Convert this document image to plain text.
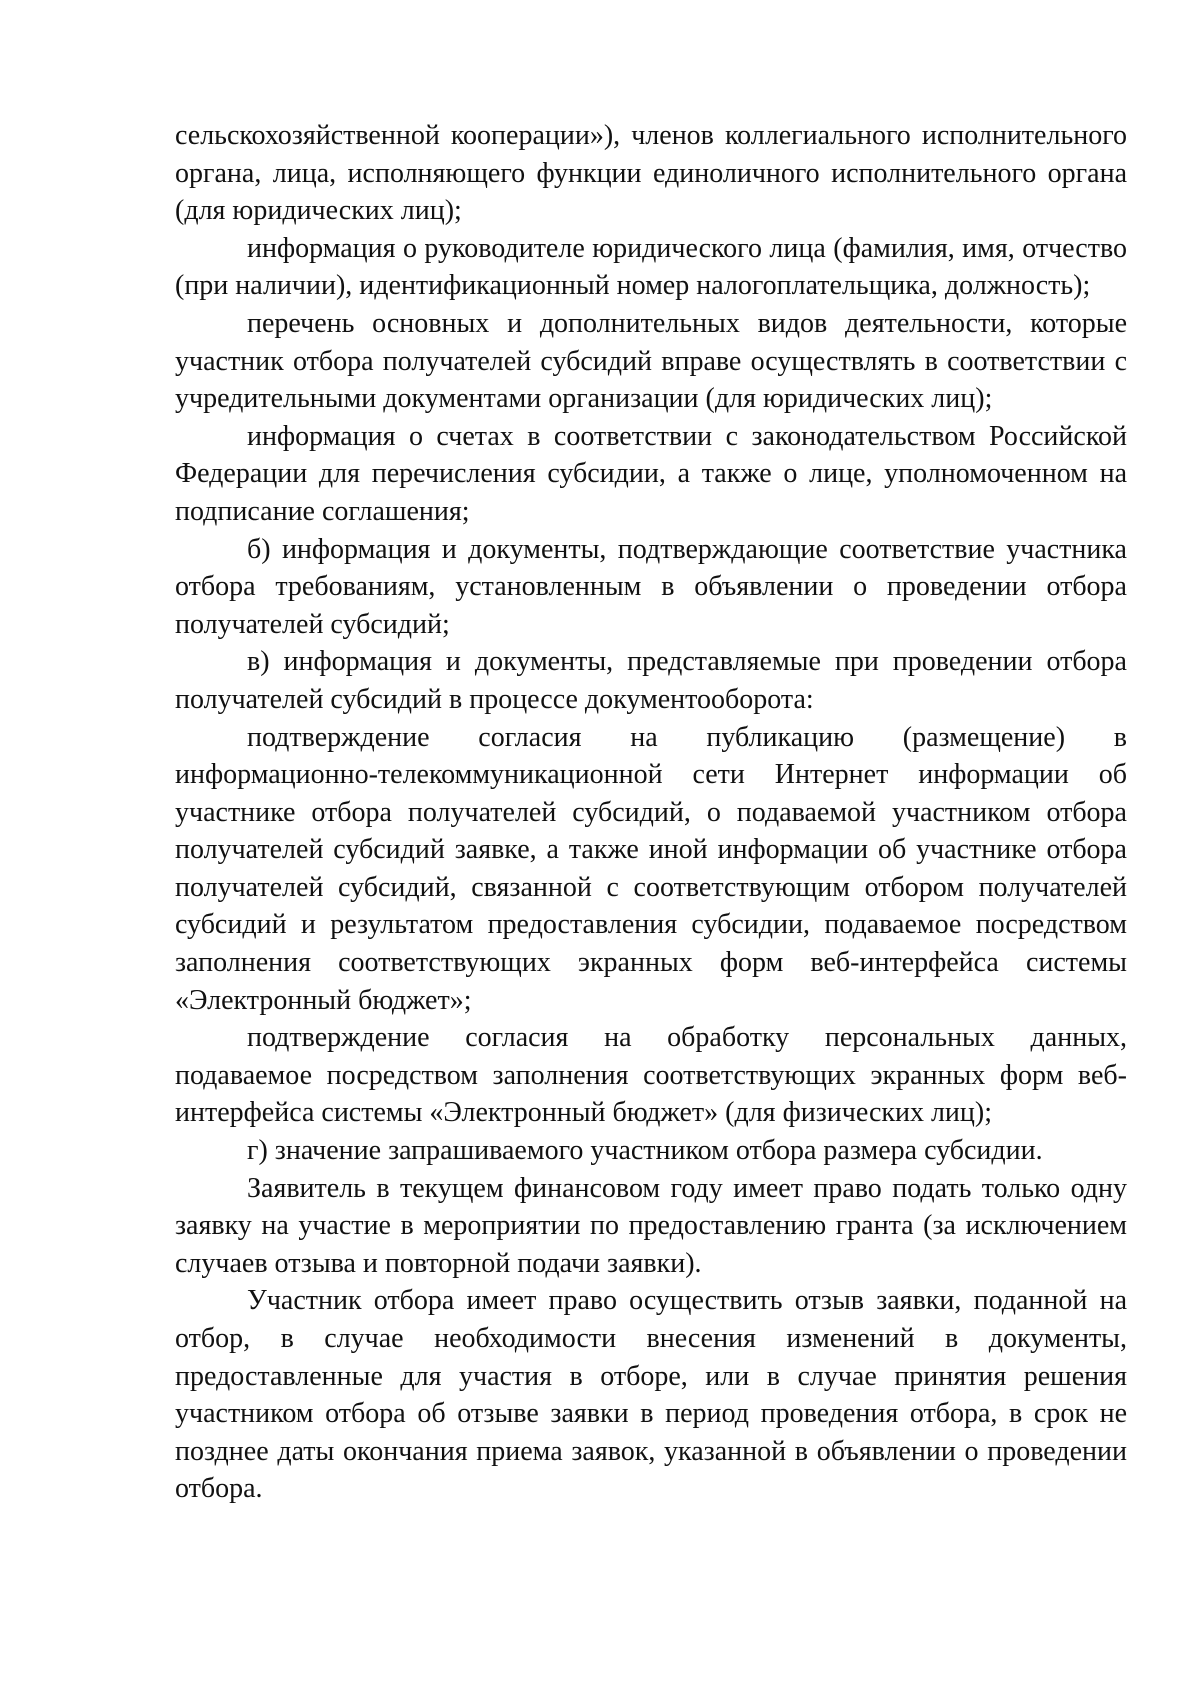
сельскохозяйственной кооперации»), членов коллегиального исполнительного органа, лица, исполняющего функции единоличного исполнительного органа (для юридических лиц);

информация о руководителе юридического лица (фамилия, имя, отчество (при наличии), идентификационный номер налогоплательщика, должность);

перечень основных и дополнительных видов деятельности, которые участник отбора получателей субсидий вправе осуществлять в соответствии с учредительными документами организации (для юридических лиц);

информация о счетах в соответствии с законодательством Российской Федерации для перечисления субсидии, а также о лице, уполномоченном на подписание соглашения;

б) информация и документы, подтверждающие соответствие участника отбора требованиям, установленным в объявлении о проведении отбора получателей субсидий;

в) информация и документы, представляемые при проведении отбора получателей субсидий в процессе документооборота:

подтверждение согласия на публикацию (размещение) в информационно-телекоммуникационной сети Интернет информации об участнике отбора получателей субсидий, о подаваемой участником отбора получателей субсидий заявке, а также иной информации об участнике отбора получателей субсидий, связанной с соответствующим отбором получателей субсидий и результатом предоставления субсидии, подаваемое посредством заполнения соответствующих экранных форм веб-интерфейса системы «Электронный бюджет»;

подтверждение согласия на обработку персональных данных, подаваемое посредством заполнения соответствующих экранных форм веб-интерфейса системы «Электронный бюджет» (для физических лиц);

г) значение запрашиваемого участником отбора размера субсидии.

Заявитель в текущем финансовом году имеет право подать только одну заявку на участие в мероприятии по предоставлению гранта (за исключением случаев отзыва и повторной подачи заявки).

Участник отбора имеет право осуществить отзыв заявки, поданной на отбор, в случае необходимости внесения изменений в документы, предоставленные для участия в отборе, или в случае принятия решения участником отбора об отзыве заявки в период проведения отбора, в срок не позднее даты окончания приема заявок, указанной в объявлении о проведении отбора.
